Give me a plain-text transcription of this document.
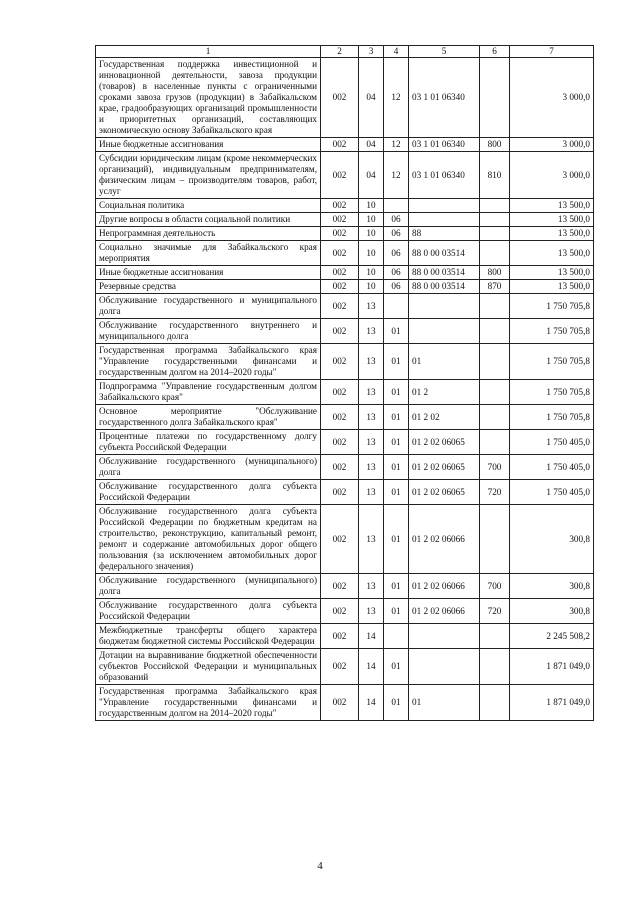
1	2	3	4	5	6	7
Государственная поддержка инвестиционной и инновационной деятельности, завоза продукции (товаров) в населенные пункты с ограниченными сроками завоза грузов (продукции) в Забайкальском крае, градообразующих организаций промышленности и приоритетных организаций, составляющих экономическую основу Забайкальского края	002	04	12	03 1 01 06340		3 000,0
Иные бюджетные ассигнования	002	04	12	03 1 01 06340	800	3 000,0
Субсидии юридическим лицам (кроме некоммерческих организаций), индивидуальным предпринимателям, физическим лицам – производителям товаров, работ, услуг	002	04	12	03 1 01 06340	810	3 000,0
Социальная политика	002	10				13 500,0
Другие вопросы в области социальной политики	002	10	06			13 500,0
Непрограммная деятельность	002	10	06	88		13 500,0
Социально значимые для Забайкальского края мероприятия	002	10	06	88 0 00 03514		13 500,0
Иные бюджетные ассигнования	002	10	06	88 0 00 03514	800	13 500,0
Резервные средства	002	10	06	88 0 00 03514	870	13 500,0
Обслуживание государственного и муниципального долга	002	13				1 750 705,8
Обслуживание государственного внутреннего и муниципального долга	002	13	01			1 750 705,8
Государственная программа Забайкальского края "Управление государственными финансами и государственным долгом на 2014–2020 годы"	002	13	01	01		1 750 705,8
Подпрограмма "Управление государственным долгом Забайкальского края"	002	13	01	01 2		1 750 705,8
Основное мероприятие "Обслуживание государственного долга Забайкальского края"	002	13	01	01 2 02		1 750 705,8
Процентные платежи по государственному долгу субъекта Российской Федерации	002	13	01	01 2 02 06065		1 750 405,0
Обслуживание государственного (муниципального) долга	002	13	01	01 2 02 06065	700	1 750 405,0
Обслуживание государственного долга субъекта Российской Федерации	002	13	01	01 2 02 06065	720	1 750 405,0
Обслуживание государственного долга субъекта Российской Федерации по бюджетным кредитам на строительство, реконструкцию, капитальный ремонт, ремонт и содержание автомобильных дорог общего пользования (за исключением автомобильных дорог федерального значения)	002	13	01	01 2 02 06066		300,8
Обслуживание государственного (муниципального) долга	002	13	01	01 2 02 06066	700	300,8
Обслуживание государственного долга субъекта Российской Федерации	002	13	01	01 2 02 06066	720	300,8
Межбюджетные трансферты общего характера бюджетам бюджетной системы Российской Федерации	002	14				2 245 508,2
Дотации на выравнивание бюджетной обеспеченности субъектов Российской Федерации и муниципальных образований	002	14	01			1 871 049,0
Государственная программа Забайкальского края "Управление государственными финансами и государственным долгом на 2014–2020 годы"	002	14	01	01		1 871 049,0
4
